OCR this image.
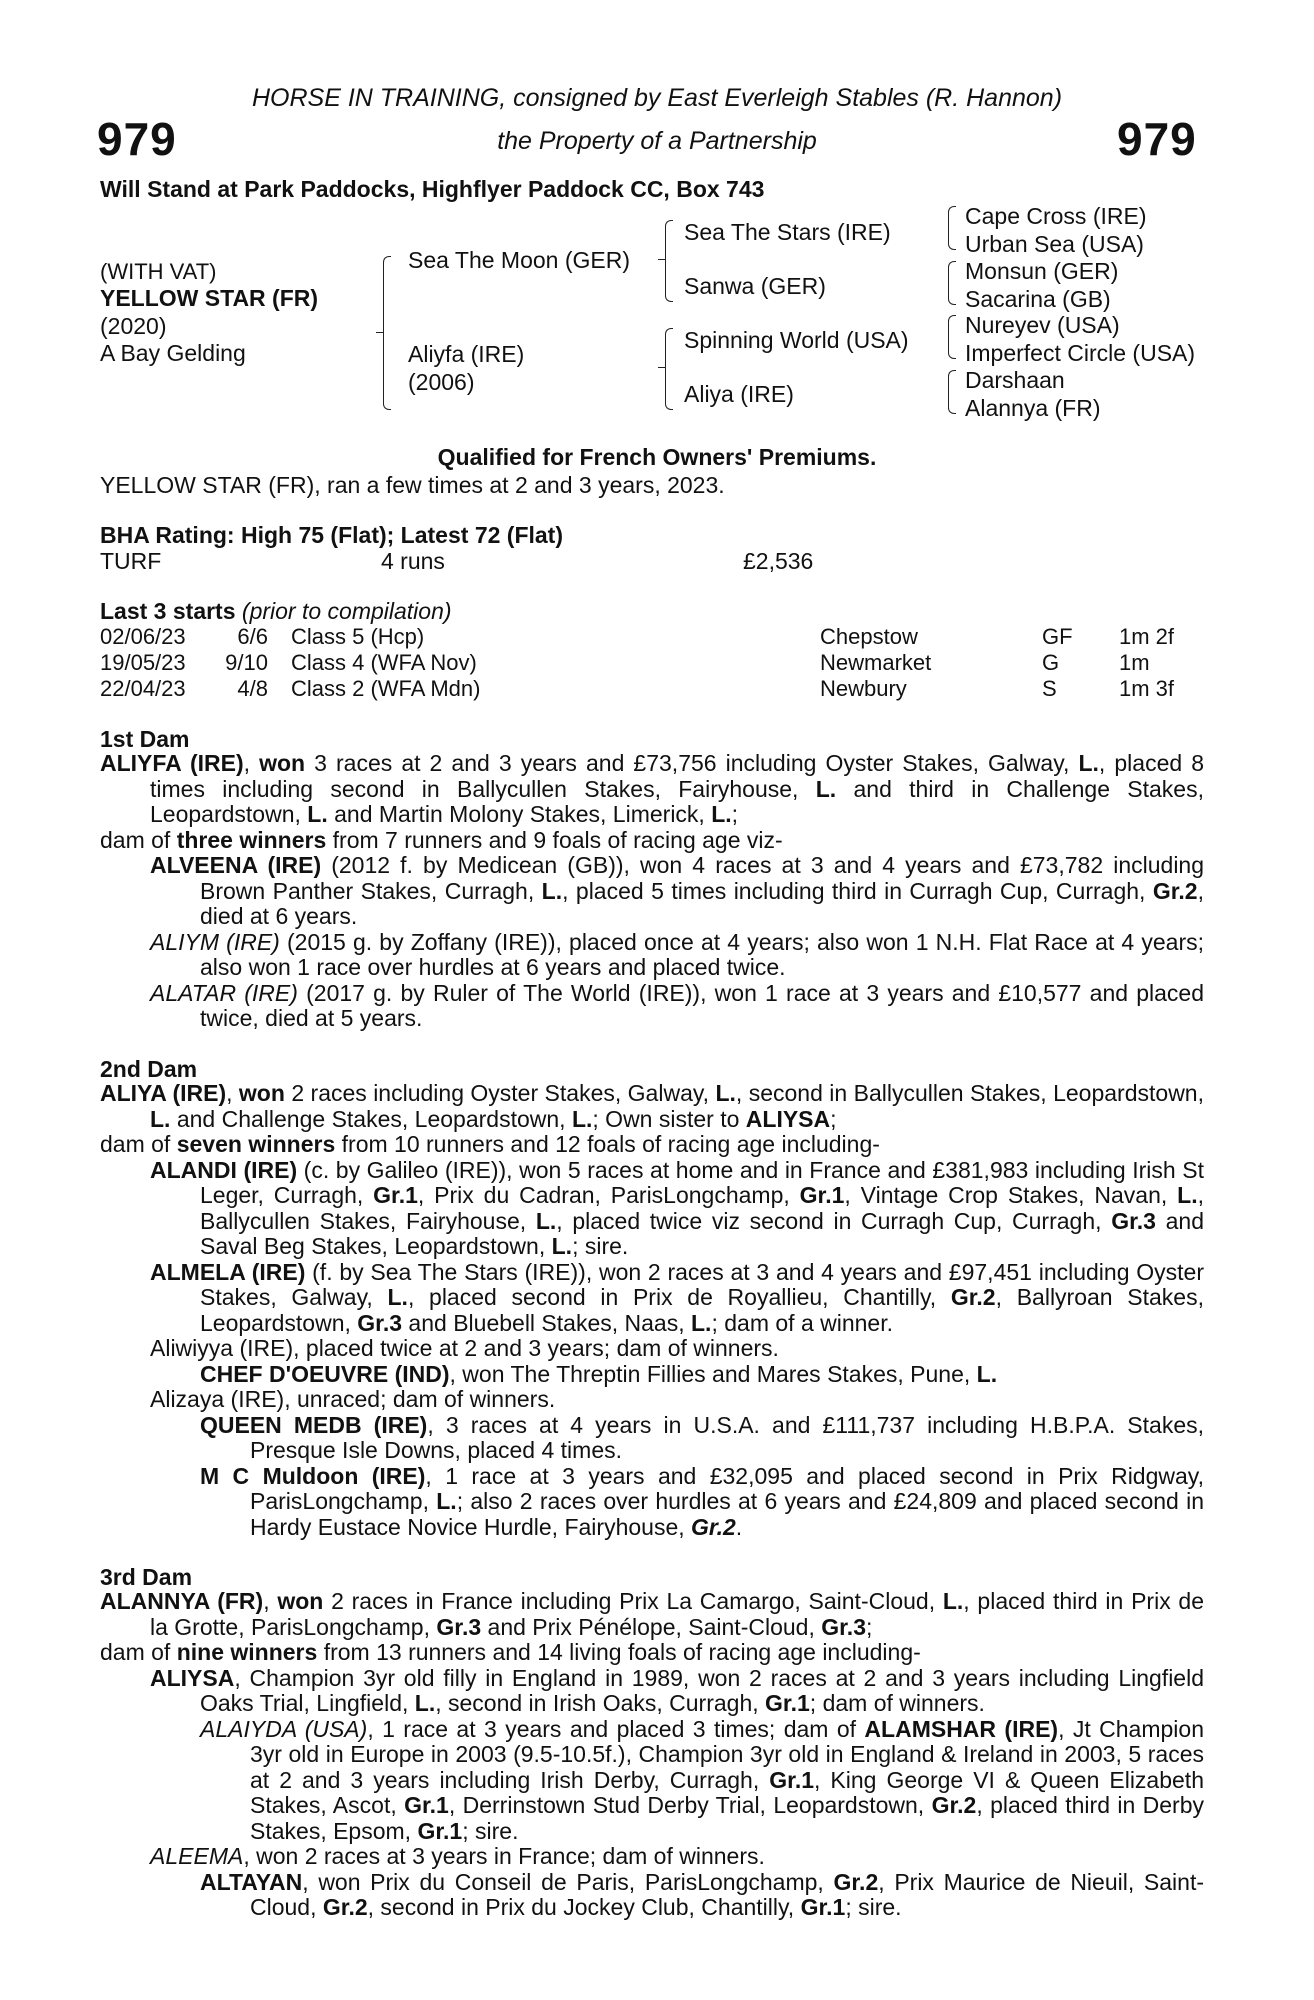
HORSE IN TRAINING, consigned by East Everleigh Stables (R. Hannon)
979	the Property of a Partnership	979
Will Stand at Park Paddocks, Highflyer Paddock CC, Box 743
(WITH VAT)
YELLOW STAR (FR)
(2020)
A Bay Gelding
Sea The Moon (GER)
Aliyfa (IRE)
(2006)
Sea The Stars (IRE)
Sanwa (GER)
Spinning World (USA)
Aliya (IRE)
Cape Cross (IRE)
Urban Sea (USA)
Monsun (GER)
Sacarina (GB)
Nureyev (USA)
Imperfect Circle (USA)
Darshaan
Alannya (FR)
Qualified for French Owners' Premiums.
YELLOW STAR (FR), ran a few times at 2 and 3 years, 2023.
BHA Rating: High 75 (Flat); Latest 72 (Flat)
TURF	4 runs	£2,536
Last 3 starts (prior to compilation)
02/06/23	6/6 Class 5 (Hcp)	Chepstow	GF 1m 2f
19/05/23	9/10 Class 4 (WFA Nov)	Newmarket	G	1m
22/04/23	4/8 Class 2 (WFA Mdn)	Newbury	S	1m 3f
1st Dam

ALIYFA (IRE), won 3 races at 2 and 3 years and £73,756 including Oyster Stakes, Galway, L., placed 8 times including second in Ballycullen Stakes, Fairyhouse, L. and third in Challenge Stakes, Leopardstown, L. and Martin Molony Stakes, Limerick, L.;

dam of three winners from 7 runners and 9 foals of racing age viz-

ALVEENA (IRE) (2012 f. by Medicean (GB)), won 4 races at 3 and 4 years and £73,782 including Brown Panther Stakes, Curragh, L., placed 5 times including third in Curragh Cup, Curragh, Gr.2, died at 6 years.

ALIYM (IRE) (2015 g. by Zoffany (IRE)), placed once at 4 years; also won 1 N.H. Flat Race at 4 years; also won 1 race over hurdles at 6 years and placed twice.

ALATAR (IRE) (2017 g. by Ruler of The World (IRE)), won 1 race at 3 years and £10,577 and placed twice, died at 5 years.

2nd Dam

ALIYA (IRE), won 2 races including Oyster Stakes, Galway, L., second in Ballycullen Stakes, Leopardstown, L. and Challenge Stakes, Leopardstown, L.; Own sister to ALIYSA;

dam of seven winners from 10 runners and 12 foals of racing age including-

ALANDI (IRE) (c. by Galileo (IRE)), won 5 races at home and in France and £381,983 including Irish St Leger, Curragh, Gr.1, Prix du Cadran, ParisLongchamp, Gr.1, Vintage Crop Stakes, Navan, L., Ballycullen Stakes, Fairyhouse, L., placed twice viz second in Curragh Cup, Curragh, Gr.3 and Saval Beg Stakes, Leopardstown, L.; sire.

ALMELA (IRE) (f. by Sea The Stars (IRE)), won 2 races at 3 and 4 years and £97,451 including Oyster Stakes, Galway, L., placed second in Prix de Royallieu, Chantilly, Gr.2, Ballyroan Stakes, Leopardstown, Gr.3 and Bluebell Stakes, Naas, L.; dam of a winner.

Aliwiyya (IRE), placed twice at 2 and 3 years; dam of winners.

CHEF D'OEUVRE (IND), won The Threptin Fillies and Mares Stakes, Pune, L.

Alizaya (IRE), unraced; dam of winners.

QUEEN MEDB (IRE), 3 races at 4 years in U.S.A. and £111,737 including H.B.P.A. Stakes, Presque Isle Downs, placed 4 times.

M C Muldoon (IRE), 1 race at 3 years and £32,095 and placed second in Prix Ridgway, ParisLongchamp, L.; also 2 races over hurdles at 6 years and £24,809 and placed second in Hardy Eustace Novice Hurdle, Fairyhouse, Gr.2.

3rd Dam

ALANNYA (FR), won 2 races in France including Prix La Camargo, Saint-Cloud, L., placed third in Prix de la Grotte, ParisLongchamp, Gr.3 and Prix Pénélope, Saint-Cloud, Gr.3;

dam of nine winners from 13 runners and 14 living foals of racing age including-

ALIYSA, Champion 3yr old filly in England in 1989, won 2 races at 2 and 3 years including Lingfield Oaks Trial, Lingfield, L., second in Irish Oaks, Curragh, Gr.1; dam of winners.

ALAIYDA (USA), 1 race at 3 years and placed 3 times; dam of ALAMSHAR (IRE), Jt Champion 3yr old in Europe in 2003 (9.5-10.5f.), Champion 3yr old in England & Ireland in 2003, 5 races at 2 and 3 years including Irish Derby, Curragh, Gr.1, King George VI & Queen Elizabeth Stakes, Ascot, Gr.1, Derrinstown Stud Derby Trial, Leopardstown, Gr.2, placed third in Derby Stakes, Epsom, Gr.1; sire.

ALEEMA, won 2 races at 3 years in France; dam of winners.

ALTAYAN, won Prix du Conseil de Paris, ParisLongchamp, Gr.2, Prix Maurice de Nieuil, Saint-Cloud, Gr.2, second in Prix du Jockey Club, Chantilly, Gr.1; sire.
